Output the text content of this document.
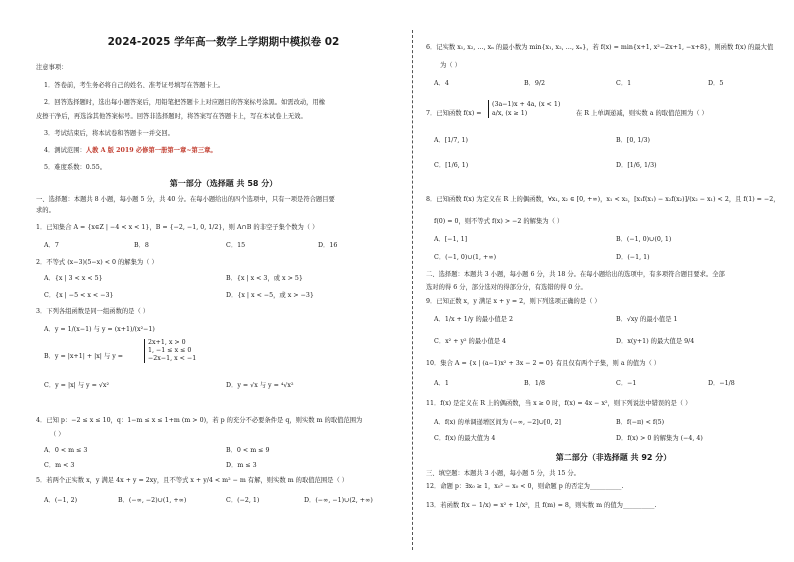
2024-2025 学年高一数学上学期期中模拟卷 02
注意事项：
1．答卷前，考生务必将自己的姓名、准考证号填写在答题卡上。
2．回答选择题时，选出每小题答案后，用铅笔把答题卡上对应题目的答案标号涂黑。如需改动，用橡
皮擦干净后，再选涂其他答案标号。回答非选择题时，将答案写在答题卡上，写在本试卷上无效。
3．考试结束后，将本试卷和答题卡一并交回。
4．测试范围：人教 A 版 2019 必修第一册第一章~第三章。
5．难度系数：0.55。
第一部分（选择题 共 58 分）
一、选择题：本题共 8 小题，每小题 5 分，共 40 分。在每小题给出的四个选项中，只有一项是符合题目要
求的。
1．已知集合 A = {x∈Z | −4 < x < 1}，B = {−2, −1, 0, 1/2}，则 A∩B 的非空子集个数为（ ）
A．7	B．8	C．15	D．16
2．不等式 (x−3)(5−x) < 0 的解集为（ ）
A．{x | 3 < x < 5}	B．{x | x < 3，或 x > 5}
C．{x | −5 < x < −3}	D．{x | x < −5，或 x > −3}
3．下列各组函数是同一组函数的是（ ）
A．y = 1/(x−1) 与 y = (x+1)/(x²−1)
B．y = |x+1| + |x| 与 y =
2x+1, x > 0
1, −1 ≤ x ≤ 0
−2x−1, x < −1
C．y = |x| 与 y = √x²	D．y = √x 与 y = ⁴√x²
4．已知 p：−2 ≤ x ≤ 10，q：1−m ≤ x ≤ 1+m (m > 0)，若 p 的充分不必要条件是 q，则实数 m 的取值范围为
（ ）
A．0 < m ≤ 3	B．0 < m ≤ 9
C．m < 3	D．m ≤ 3
5．若两个正实数 x，y 满足 4x + y = 2xy，且不等式 x + y/4 < m² − m 有解，则实数 m 的取值范围是（ ）
A．(−1, 2)	B．(−∞, −2)∪(1, +∞)	C．(−2, 1)	D．(−∞, −1)∪(2, +∞)
6．记实数 x₁, x₂, …, xₙ 的最小数为 min{x₁, x₂, …, xₙ}，若 f(x) = min{x+1, x²−2x+1, −x+8}，则函数 f(x) 的最大值
为（ ）
A．4	B．9/2	C．1	D．5
7．已知函数 f(x) =
(3a−1)x + 4a, (x < 1)
a/x, (x ≥ 1)	在 R 上单调递减，则实数 a 的取值范围为（ ）
A．[1/7, 1)	B．[0, 1/3)
C．[1/6, 1)	D．[1/6, 1/3)
8．已知函数 f(x) 为定义在 R 上的偶函数，∀x₁, x₂ ∈ [0, +∞)，x₁ < x₂，[x₁f(x₁) − x₂f(x₂)]/(x₂ − x₁) < 2，且 f(1) = −2，
f(0) = 0，则不等式 f(x) > −2 的解集为（ ）
A．[−1, 1]	B．(−1, 0)∪(0, 1)
C．(−1, 0)∪(1, +∞)	D．(−1, 1)
二、选择题：本题共 3 小题，每小题 6 分，共 18 分。在每小题给出的选项中，有多项符合题目要求。全部
选对的得 6 分，部分选对的得部分分，有选错的得 0 分。
9．已知正数 x，y 满足 x + y = 2，则下列选项正确的是（ ）
A．1/x + 1/y 的最小值是 2	B．√xy 的最小值是 1
C．x² + y² 的最小值是 4	D．x(y+1) 的最大值是 9/4
10．集合 A = {x | (a−1)x² + 3x − 2 = 0} 有且仅有两个子集，则 a 的值为（ ）
A．1	B．1/8	C．−1	D．−1/8
11．f(x) 是定义在 R 上的偶函数，当 x ≥ 0 时，f(x) = 4x − x²，则下列说法中错误的是（ ）
A．f(x) 的单调递增区间为 (−∞, −2]∪[0, 2]	B．f(−π) < f(5)
C．f(x) 的最大值为 4	D．f(x) > 0 的解集为 (−4, 4)
第二部分（非选择题 共 92 分）
三、填空题：本题共 3 小题，每小题 5 分，共 15 分。
12．命题 p：∃x₀ ≥ 1，x₀² − x₀ < 0，则命题 p 的否定为__________.
13．若函数 f(x − 1/x) = x² + 1/x²，且 f(m) = 8，则实数 m 的值为__________.
